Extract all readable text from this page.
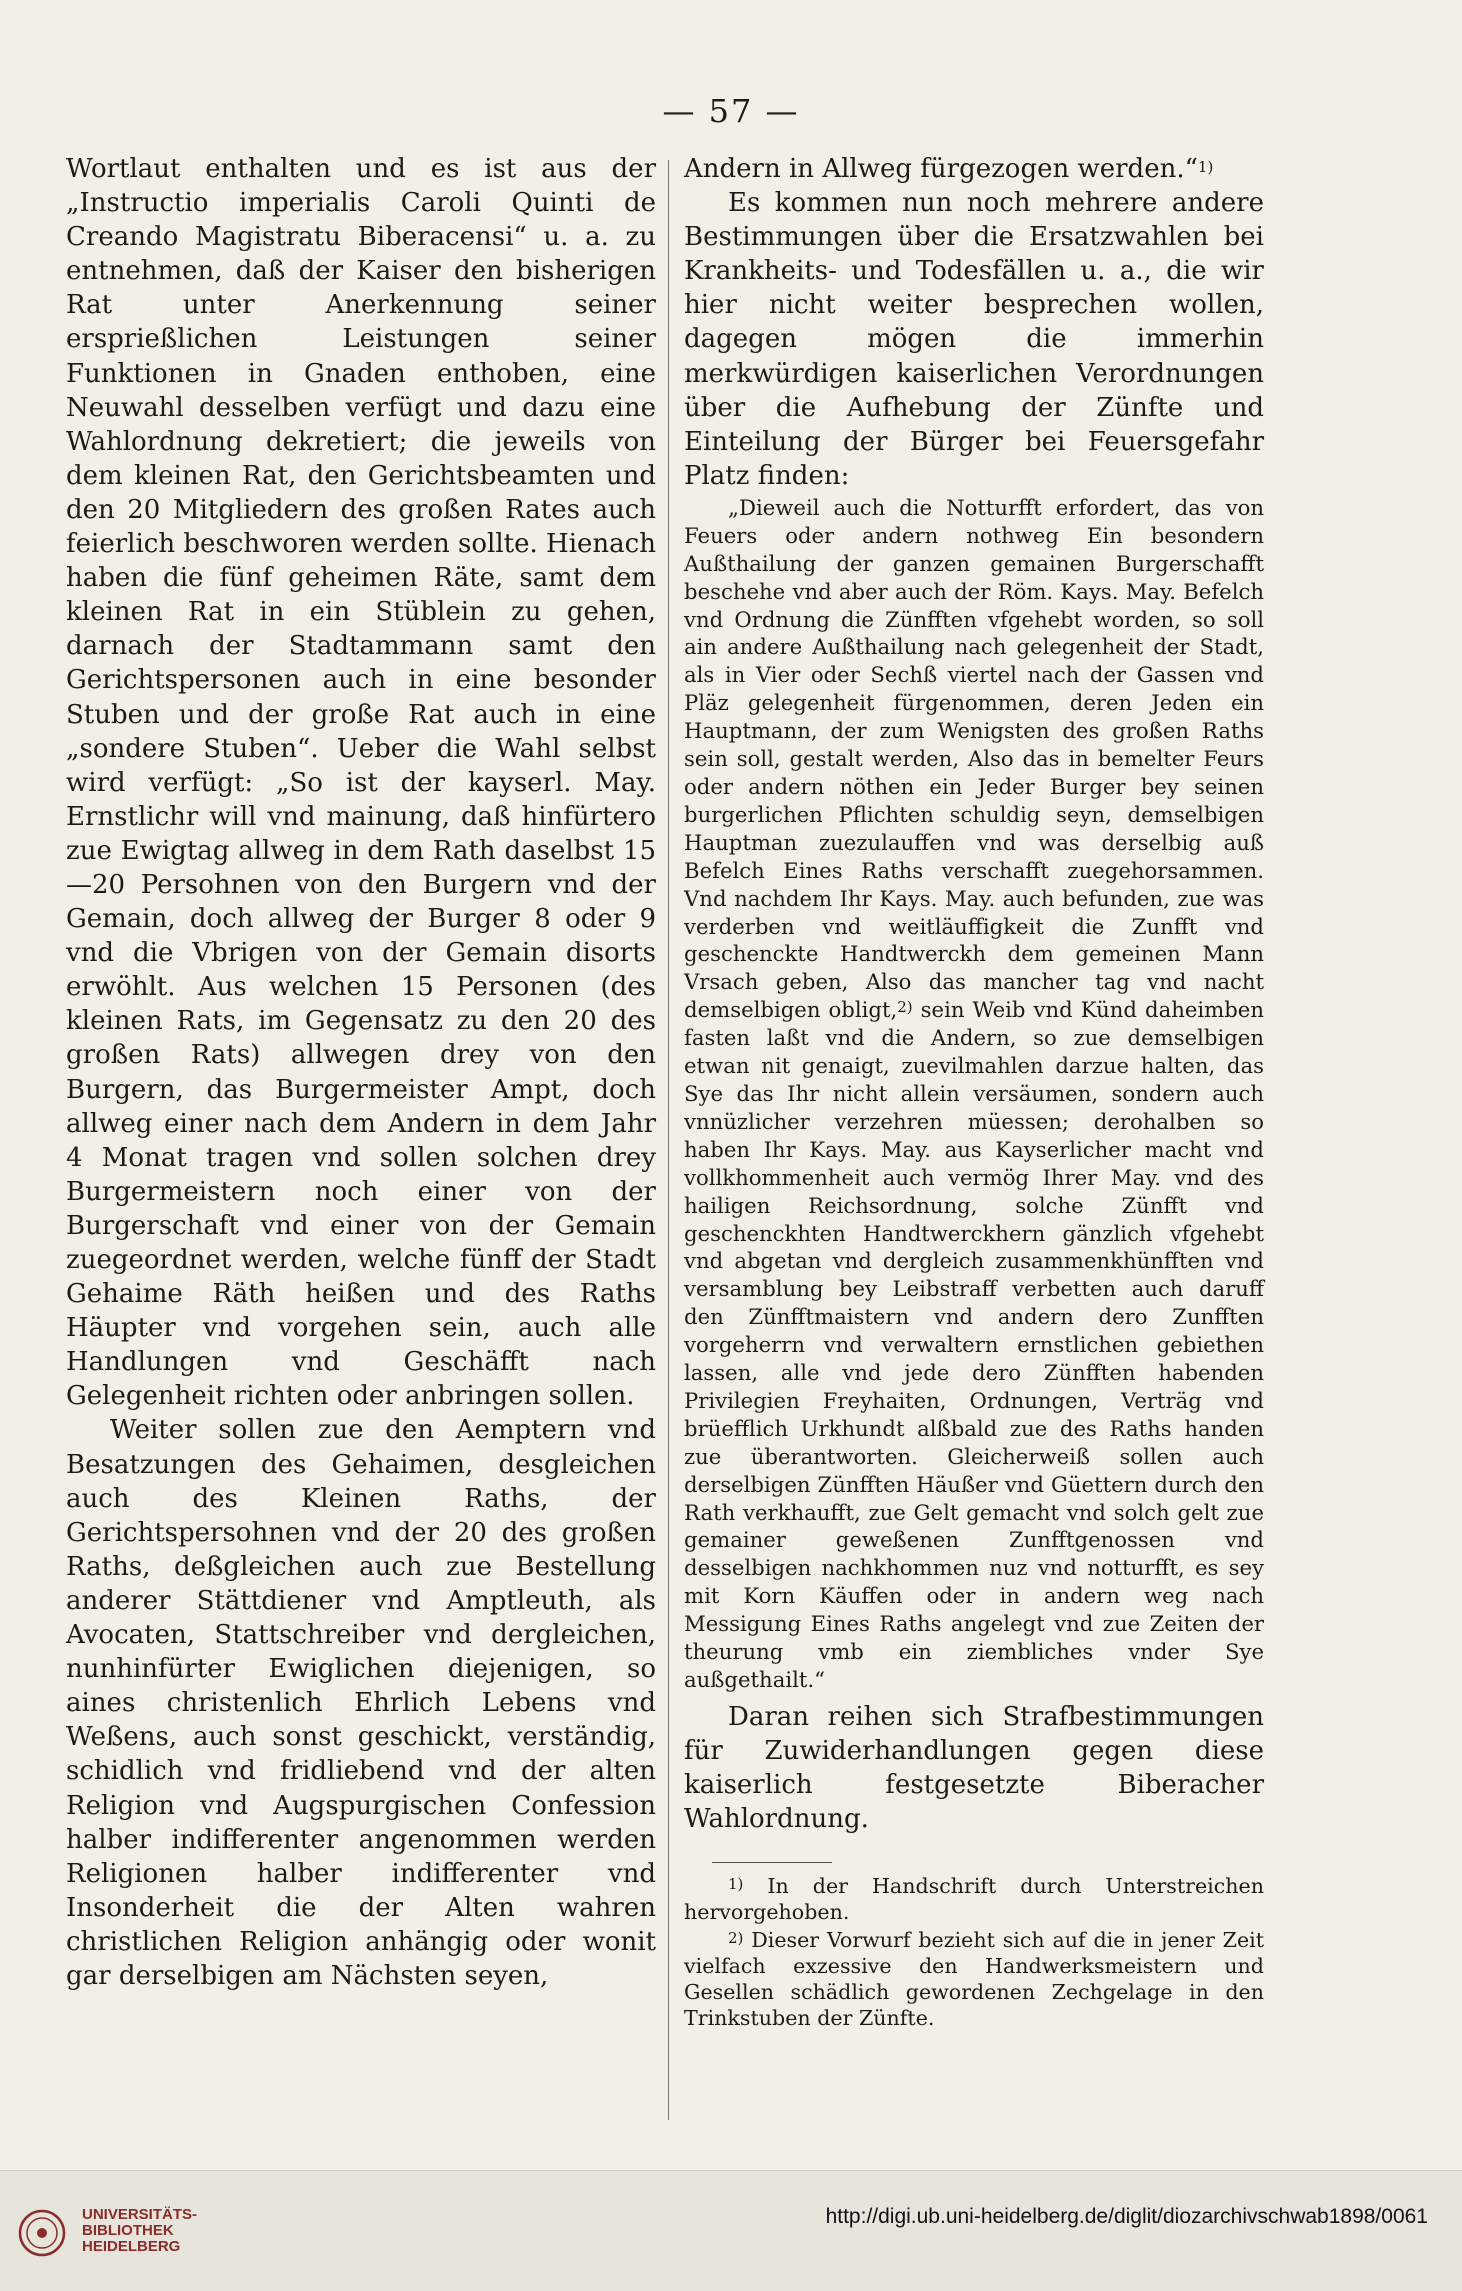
— 57 —

Wortlaut enthalten und es ist aus der „Instructio imperialis Caroli Quinti de Creando Magistratu Biberacensi“ u. a. zu entnehmen, daß der Kaiser den bisherigen Rat unter Anerkennung seiner ersprießlichen Leistungen seiner Funktionen in Gnaden enthoben, eine Neuwahl desselben verfügt und dazu eine Wahlordnung dekretiert; die jeweils von dem kleinen Rat, den Gerichtsbeamten und den 20 Mitgliedern des großen Rates auch feierlich beschworen werden sollte. Hienach haben die fünf geheimen Räte, samt dem kleinen Rat in ein Stüblein zu gehen, darnach der Stadtammann samt den Gerichtspersonen auch in eine besonder Stuben und der große Rat auch in eine „sondere Stuben“. Ueber die Wahl selbst wird verfügt: „So ist der kayserl. May. Ernstlichr will vnd mainung, daß hinfürtero zue Ewigtag allweg in dem Rath daselbst 15—20 Persohnen von den Burgern vnd der Gemain, doch allweg der Burger 8 oder 9 vnd die Vbrigen von der Gemain disorts erwöhlt. Aus welchen 15 Personen (des kleinen Rats, im Gegensatz zu den 20 des großen Rats) allwegen drey von den Burgern, das Burgermeister Ampt, doch allweg einer nach dem Andern in dem Jahr 4 Monat tragen vnd sollen solchen drey Burgermeistern noch einer von der Burgerschaft vnd einer von der Gemain zuegeordnet werden, welche fünff der Stadt Gehaime Räth heißen und des Raths Häupter vnd vorgehen sein, auch alle Handlungen vnd Geschäfft nach Gelegenheit richten oder anbringen sollen.

Weiter sollen zue den Aemptern vnd Besatzungen des Gehaimen, desgleichen auch des Kleinen Raths, der Gerichtspersohnen vnd der 20 des großen Raths, deßgleichen auch zue Bestellung anderer Stättdiener vnd Amptleuth, als Avocaten, Stattschreiber vnd dergleichen, nunhinfürter Ewiglichen diejenigen, so aines christenlich Ehrlich Lebens vnd Weßens, auch sonst geschickt, verständig, schidlich vnd fridliebend vnd der alten Religion vnd Augspurgischen Confession halber indifferenter angenommen werden Religionen halber indifferenter vnd Insonderheit die der Alten wahren christlichen Religion anhängig oder wonit gar derselbigen am Nächsten seyen,

Andern in Allweg fürgezogen werden.“$^{1)}$

Es kommen nun noch mehrere andere Bestimmungen über die Ersatzwahlen bei Krankheits- und Todesfällen u. a., die wir hier nicht weiter besprechen wollen, dagegen mögen die immerhin merkwürdigen kaiserlichen Verordnungen über die Aufhebung der Zünfte und Einteilung der Bürger bei Feuersgefahr Platz finden:

„Dieweil auch die Notturfft erfordert, das von Feuers oder andern nothweg Ein besondern Außthailung der ganzen gemainen Burgerschafft beschehe vnd aber auch der Röm. Kays. May. Befelch vnd Ordnung die Zünfften vfgehebt worden, so soll ain andere Außthailung nach gelegenheit der Stadt, als in Vier oder Sechß viertel nach der Gassen vnd Pläz gelegenheit fürgenommen, deren Jeden ein Hauptmann, der zum Wenigsten des großen Raths sein soll, gestalt werden, Also das in bemelter Feurs oder andern nöthen ein Jeder Burger bey seinen burgerlichen Pflichten schuldig seyn, demselbigen Hauptman zuezulauffen vnd was derselbig auß Befelch Eines Raths verschafft zuegehorsammen. Vnd nachdem Ihr Kays. May. auch befunden, zue was verderben vnd weitläuffigkeit die Zunfft vnd geschenckte Handtwerckh dem gemeinen Mann Vrsach geben, Also das mancher tag vnd nacht demselbigen obligt,$^{2)}$ sein Weib vnd Künd daheimben fasten laßt vnd die Andern, so zue demselbigen etwan nit genaigt, zuevilmahlen darzue halten, das Sye das Ihr nicht allein versäumen, sondern auch vnnüzlicher verzehren müessen; derohalben so haben Ihr Kays. May. aus Kayserlicher macht vnd vollkhommenheit auch vermög Ihrer May. vnd des hailigen Reichsordnung, solche Zünfft vnd geschenckhten Handtwerckhern gänzlich vfgehebt vnd abgetan vnd dergleich zusammenkhünfften vnd versamblung bey Leibstraff verbetten auch daruff den Zünfftmaistern vnd andern dero Zunfften vorgeherrn vnd verwaltern ernstlichen gebiethen lassen, alle vnd jede dero Zünfften habenden Privilegien Freyhaiten, Ordnungen, Verträg vnd brüefflich Urkhundt alßbald zue des Raths handen zue überantworten. Gleicherweiß sollen auch derselbigen Zünfften Häußer vnd Güettern durch den Rath verkhaufft, zue Gelt gemacht vnd solch gelt zue gemainer geweßenen Zunfftgenossen vnd desselbigen nachkhommen nuz vnd notturfft, es sey mit Korn Käuffen oder in andern weg nach Messigung Eines Raths angelegt vnd zue Zeiten der theurung vmb ein ziembliches vnder Sye außgethailt.“

Daran reihen sich Strafbestimmungen für Zuwiderhandlungen gegen diese kaiserlich festgesetzte Biberacher Wahlordnung.

$^{1)}$ In der Handschrift durch Unterstreichen hervorgehoben.

$^{2)}$ Dieser Vorwurf bezieht sich auf die in jener Zeit vielfach exzessive den Handwerksmeistern und Gesellen schädlich gewordenen Zechgelage in den Trinkstuben der Zünfte.

UNIVERSITÄTS-
BIBLIOTHEK
HEIDELBERG
http://digi.ub.uni-heidelberg.de/diglit/diozarchivschwab1898/0061
